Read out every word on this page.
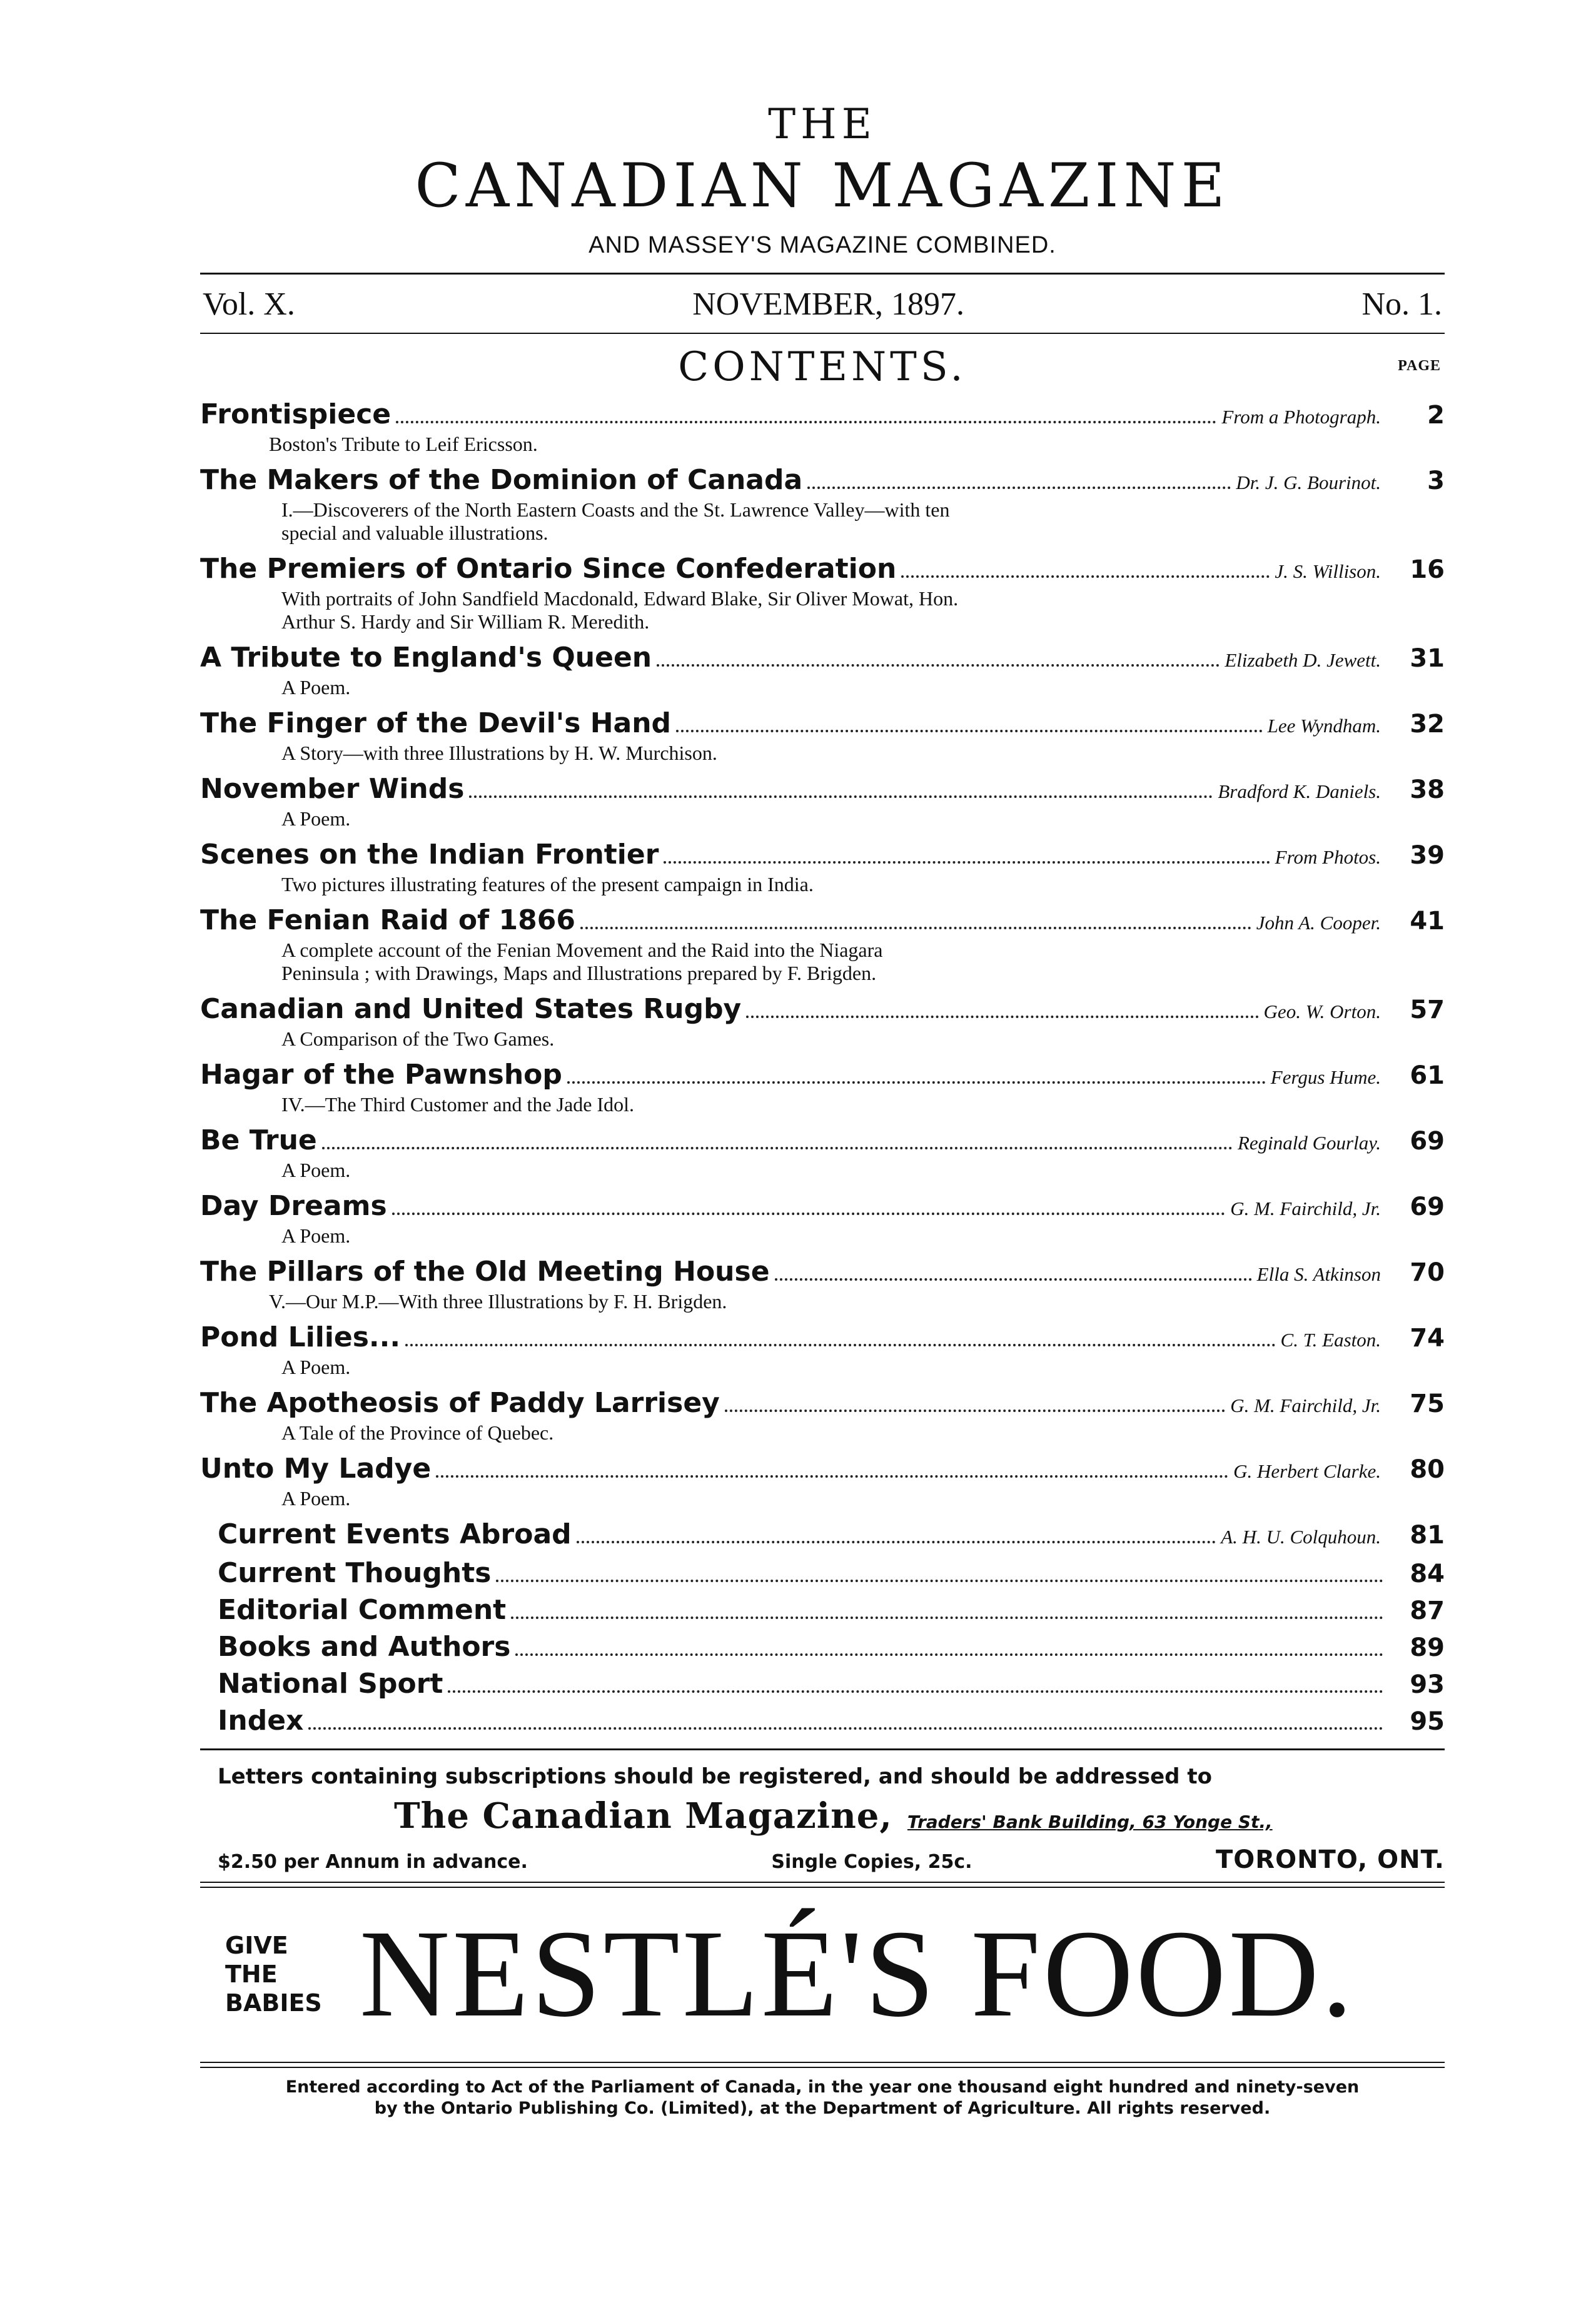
THE
CANADIAN MAGAZINE
AND MASSEY'S MAGAZINE COMBINED.
Vol. X.	NOVEMBER, 1897.	No. 1.
CONTENTS.	PAGE
Frontispiece	From a Photograph.	2
Boston's Tribute to Leif Ericsson.
The Makers of the Dominion of Canada	Dr. J. G. Bourinot.	3
I.—Discoverers of the North Eastern Coasts and the St. Lawrence Valley—with ten special and valuable illustrations.
The Premiers of Ontario Since Confederation	J. S. Willison.	16
With portraits of John Sandfield Macdonald, Edward Blake, Sir Oliver Mowat, Hon. Arthur S. Hardy and Sir William R. Meredith.
A Tribute to England's Queen	Elizabeth D. Jewett.	31
A Poem.
The Finger of the Devil's Hand	Lee Wyndham.	32
A Story—with three Illustrations by H. W. Murchison.
November Winds	Bradford K. Daniels.	38
A Poem.
Scenes on the Indian Frontier	From Photos.	39
Two pictures illustrating features of the present campaign in India.
The Fenian Raid of 1866	John A. Cooper.	41
A complete account of the Fenian Movement and the Raid into the Niagara Peninsula ; with Drawings, Maps and Illustrations prepared by F. Brigden.
Canadian and United States Rugby	Geo. W. Orton.	57
A Comparison of the Two Games.
Hagar of the Pawnshop	Fergus Hume.	61
IV.—The Third Customer and the Jade Idol.
Be True	Reginald Gourlay.	69
A Poem.
Day Dreams	G. M. Fairchild, Jr.	69
A Poem.
The Pillars of the Old Meeting House	Ella S. Atkinson	70
V.—Our M.P.—With three Illustrations by F. H. Brigden.
Pond Lilies...	C. T. Easton.	74
A Poem.
The Apotheosis of Paddy Larrisey	G. M. Fairchild, Jr.	75
A Tale of the Province of Quebec.
Unto My Ladye	G. Herbert Clarke.	80
A Poem.
Current Events Abroad	A. H. U. Colquhoun.	81
Current Thoughts	84
Editorial Comment	87
Books and Authors	89
National Sport	93
Index	95
Letters containing subscriptions should be registered, and should be addressed to
The Canadian Magazine, Traders' Bank Building, 63 Yonge St.,
$2.50 per Annum in advance.	Single Copies, 25c.	TORONTO, ONT.
GIVE
THE
BABIES NESTLÉ'S FOOD.
Entered according to Act of the Parliament of Canada, in the year one thousand eight hundred and ninety-seven
by the Ontario Publishing Co. (Limited), at the Department of Agriculture. All rights reserved.
